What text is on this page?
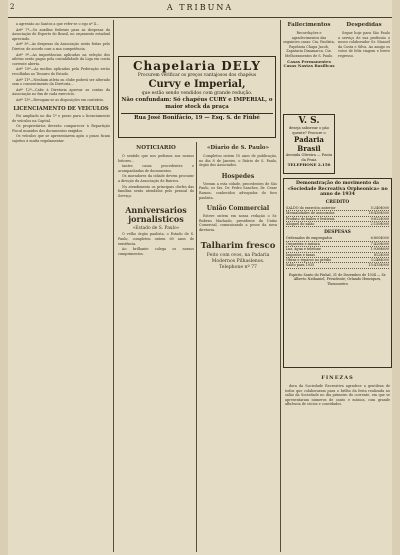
2	A TRIBUNA

a agressão ao Santos a que refer-se o ego nº 4...

Artº 7º—Os auxílios federais para as despesas da Associação de Esporte do Brasil, no orçamento estadual apreciado.

Artº 8º—As despesas da Associação serão feitas pelo Diretor, de acordo com a sua competência.

Artº 9º—As importâncias aplicadas na seleção dos atletas serão pagas pela contabilidade da Liga em conta corrente aberta.

Artº 10º—As multas aplicadas pela Federação serão recolhidas ao Tesouro do Estado.

Artº 11º—Nenhum atleta ou clube poderá ser alterado sem o consentimento da Diretoria...

Artº 12º—Cabe à Diretoria aprovar as contas da Associação no fim de cada exercício.

Artº 13º—Revogam-se as disposições em contrário.

LICENCIAMENTO DE VEICULOS

Foi ampliado no dia 1º o prazo para o licenciamento de veículos na Capital.

Os proprietários deverão comparecer à Repartição Fiscal munidos dos documentos exigidos.

Os veículos que se apresentarem após o prazo ficam sujeitos à multa regulamentar.

Chapelaria DELY
Procurem verificar os preços vantajosos dos chapéus
Curvy e Imperial,
que estão sendo vendidos com grande redução.
Não confundam: Só chapéus CURY e IMPERIAL, o maior stock da praça
Rua José Bonifácio, 19 — Esq. S. de Fiúbé
NOTICIARIO

O sentido que nos pedimos aos nossos leitores...

tantes casas procedentes e acompanhadas de documentos.

Os moradores da cidade devem procurar a direção da Associação de Bairros.

No atendimento os principais chefes das famílias serão atendidos pelo pessoal do Serviço.

Anniversarios jornalisticos
«Estado de S. Paulo»

O velho órgão paulista, o Estado de S. Paulo, completou ontem 60 anos de existência.

Ao brilhante colega os nossos cumprimentos.

«Diario de S. Paulo»

Completou ontem 10 anos de publicação, no dia 8 de Janeiro, o Diário de S. Paulo, órgão dos Associados.

Hospedes

Vieram a esta cidade, procedentes de São Paulo, os Srs. Dr. Pedro Sanches, Dr. Cesar Ramos, conhecidos advogados do foro paulista.

União Commercial

Esteve ontem em nossa redação o Sr. Rubens Machado, presidente da União Comercial, comunicando a posse da nova diretoria.

Talharim fresco

Feito com ovos, na Padaria Modernos Pilhaslenos. Telephone nº 77

Fallecimentos

Recordações e agradecimentos das seguintes casas: Cia. Paulista, Papelaria Chapa Jacob, Zapataria Dinamarca, Cia. Melhoramentos de S. Paulo.

Casas Permanentes
Casas Nastas Basílicas
Despedidas

Segue hoje para São Paulo a serviço de sua profissão o nosso colaborador Sr. Manoel da Costa e Silva. Ao amigo os votos de feliz viagem e breve regresso.

V. S.
deseja saborear o pão quente? Procure o
Padaria Brasil
Avenida Oliveira — Ponta da Praia
TELEPHONE 2.150
Demonstração do movimento da «Sociedade Recreativa Orpheonica» no anno de 1934
CREDITO
SALDO do exercício anterior	5:240$000
Mensalidades de associados	18:430$500
Produto de bailes e festivais	9:812$000
Aluguel do salão	2:150$000
DESPESAS
Ordenados de empregados	6:800$000
Orquestra e música	7:420$000
Luz, água e telefone	1:936$600
Impostos e taxas	812$000
Obras e reparos no prédio	3:248$000
Saldo para 1935	15:415$900
Espirito Santo do Pinhal, 31 de Dezembro de 1934 — Sr. Alberto Nathaniel, Presidente; Orlando Henriques, Thesoureiro
FINEZAS

dora da Sociedade Recreativa agradece a gentileza de todos que colaboraram para o brilho da festa realizada no salão da Sociedade no dia primeiro do corrente, em que se apresentaram números de canto e música, com grande afluência de sócios e convidados.
